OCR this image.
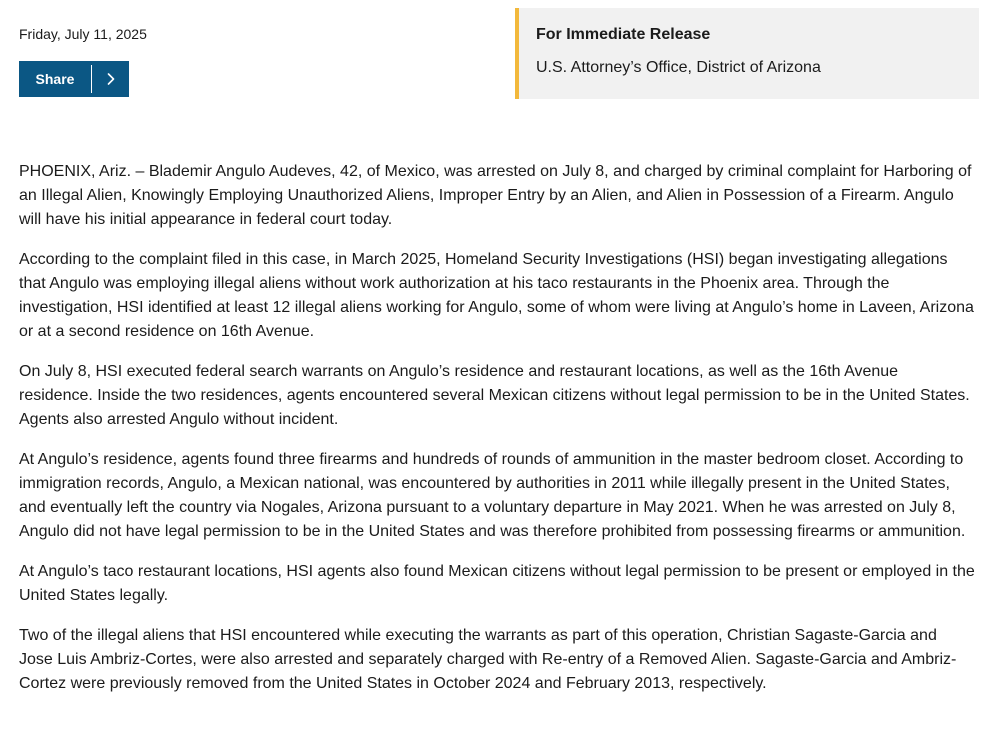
Friday, July 11, 2025
Share
For Immediate Release
U.S. Attorney’s Office, District of Arizona

PHOENIX, Ariz. – Blademir Angulo Audeves, 42, of Mexico, was arrested on July 8, and charged by criminal complaint for Harboring of an Illegal Alien, Knowingly Employing Unauthorized Aliens, Improper Entry by an Alien, and Alien in Possession of a Firearm. Angulo will have his initial appearance in federal court today.

According to the complaint filed in this case, in March 2025, Homeland Security Investigations (HSI) began investigating allegations that Angulo was employing illegal aliens without work authorization at his taco restaurants in the Phoenix area. Through the investigation, HSI identified at least 12 illegal aliens working for Angulo, some of whom were living at Angulo’s home in Laveen, Arizona or at a second residence on 16th Avenue.

On July 8, HSI executed federal search warrants on Angulo’s residence and restaurant locations, as well as the 16th Avenue residence. Inside the two residences, agents encountered several Mexican citizens without legal permission to be in the United States. Agents also arrested Angulo without incident.

At Angulo’s residence, agents found three firearms and hundreds of rounds of ammunition in the master bedroom closet. According to immigration records, Angulo, a Mexican national, was encountered by authorities in 2011 while illegally present in the United States, and eventually left the country via Nogales, Arizona pursuant to a voluntary departure in May 2021. When he was arrested on July 8, Angulo did not have legal permission to be in the United States and was therefore prohibited from possessing firearms or ammunition.

At Angulo’s taco restaurant locations, HSI agents also found Mexican citizens without legal permission to be present or employed in the United States legally.

Two of the illegal aliens that HSI encountered while executing the warrants as part of this operation, Christian Sagaste-Garcia and Jose Luis Ambriz-Cortes, were also arrested and separately charged with Re-entry of a Removed Alien. Sagaste-Garcia and Ambriz-Cortez were previously removed from the United States in October 2024 and February 2013, respectively.
